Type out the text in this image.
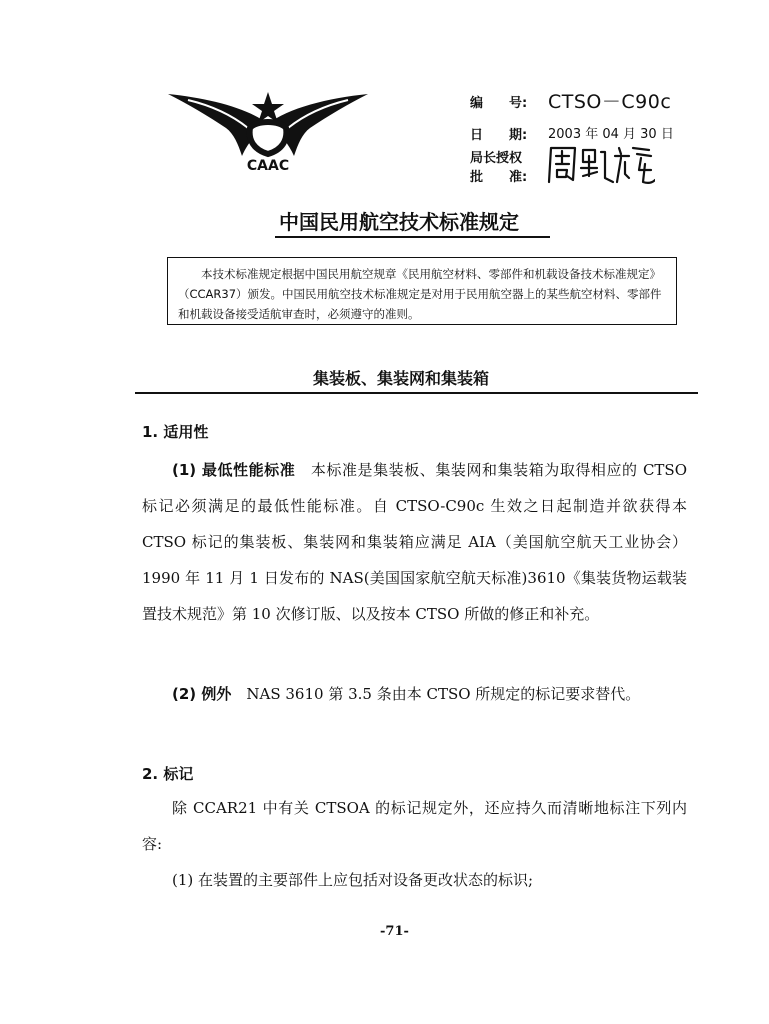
CAAC
编　　号: CTSO－C90c
日　　期: 2003 年 04 月 30 日
局长授权
批　　准:
中国民用航空技术标准规定

本技术标准规定根据中国民用航空规章《民用航空材料、零部件和机载设备技术标准规定》（CCAR37）颁发。中国民用航空技术标准规定是对用于民用航空器上的某些航空材料、零部件和机载设备接受适航审查时，必须遵守的准则。

集装板、集装网和集装箱
1. 适用性

(1) 最低性能标准　本标准是集装板、集装网和集装箱为取得相应的 CTSO 标记必须满足的最低性能标准。自 CTSO-C90c 生效之日起制造并欲获得本 CTSO 标记的集装板、集装网和集装箱应满足 AIA（美国航空航天工业协会）1990 年 11 月 1 日发布的 NAS(美国国家航空航天标准)3610《集装货物运载装置技术规范》第 10 次修订版、以及按本 CTSO 所做的修正和补充。

(2) 例外　NAS 3610 第 3.5 条由本 CTSO 所规定的标记要求替代。

2. 标记

除 CCAR21 中有关 CTSOA 的标记规定外，还应持久而清晰地标注下列内容:

(1) 在装置的主要部件上应包括对设备更改状态的标识;

-71-
